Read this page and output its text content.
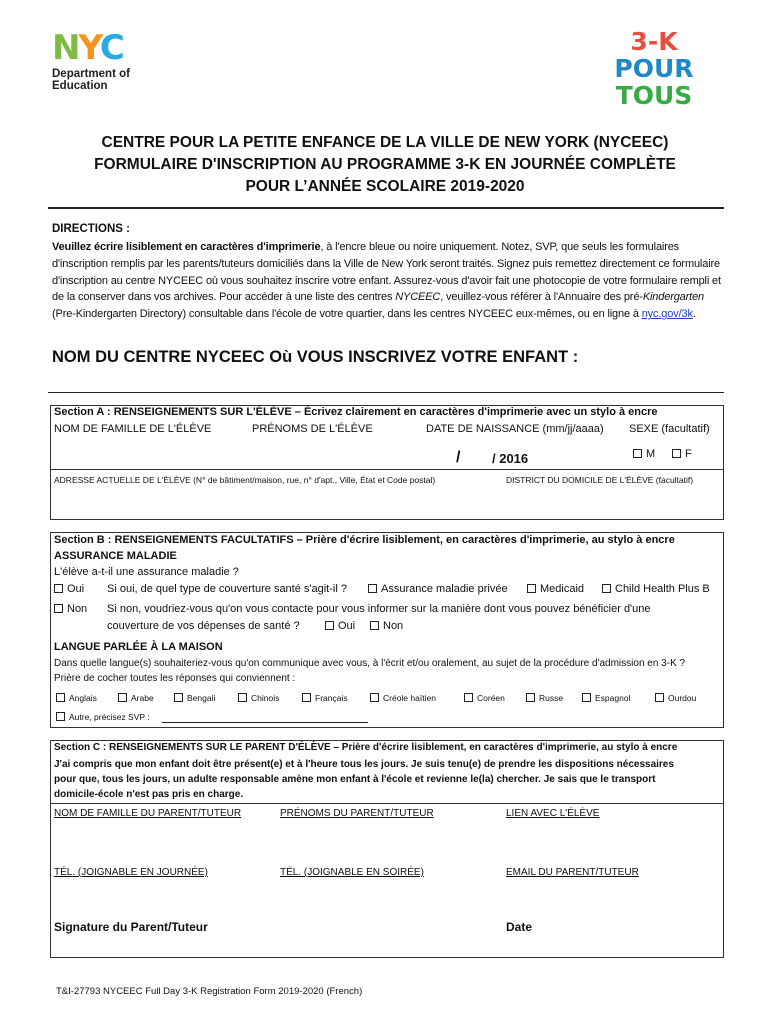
NYC
Department of
Education
3-K
POUR
TOUS
CENTRE POUR LA PETITE ENFANCE DE LA VILLE DE NEW YORK (NYCEEC)
FORMULAIRE D'INSCRIPTION AU PROGRAMME 3-K EN JOURNÉE COMPLÈTE
POUR L’ANNÉE SCOLAIRE 2019-2020
DIRECTIONS :
Veuillez écrire lisiblement en caractères d'imprimerie, à l'encre bleue ou noire uniquement. Notez, SVP, que seuls les formulaires d'inscription remplis par les parents/tuteurs domiciliés dans la Ville de New York seront traités. Signez puis remettez directement ce formulaire d'inscription au centre NYCEEC où vous souhaitez inscrire votre enfant. Assurez-vous d'avoir fait une photocopie de votre formulaire rempli et de la conserver dans vos archives. Pour accéder à une liste des centres NYCEEC, veuillez-vous référer à l'Annuaire des pré-Kindergarten (Pre-Kindergarten Directory) consultable dans l'école de votre quartier, dans les centres NYCEEC eux-mêmes, ou en ligne à nyc.gov/3k.
NOM DU CENTRE NYCEEC Où VOUS INSCRIVEZ VOTRE ENFANT :
Section A : RENSEIGNEMENTS SUR L'ÉLÈVE – Écrivez clairement en caractères d'imprimerie avec un stylo à encre
NOM DE FAMILLE DE L'ÉLÈVE	PRÉNOMS DE L'ÉLÈVE	DATE DE NAISSANCE (mm/jj/aaaa) SEXE (facultatif)
/ / 2016	M	F
ADRESSE ACTUELLE DE L'ÉLÈVE (N° de bâtiment/maison, rue, n° d'apt., Ville, État et Code postal)	DISTRICT DU DOMICILE DE L'ÉLÈVE (facultatif)
Section B : RENSEIGNEMENTS FACULTATIFS – Prière d'écrire lisiblement, en caractères d'imprimerie, au stylo à encre
ASSURANCE MALADIE
L'élève a-t-il une assurance maladie ?
Oui Si oui, de quel type de couverture santé s'agit-il ?	Assurance maladie privée	Medicaid	Child Health Plus B
Non Si non, voudriez-vous qu'on vous contacte pour vous informer sur la manière dont vous pouvez bénéficier d'une
couverture de vos dépenses de santé ?	Oui	Non
LANGUE PARLÉE À LA MAISON
Dans quelle langue(s) souhaiteriez-vous qu'on communique avec vous, à l'écrit et/ou oralement, au sujet de la procédure d'admission en 3-K ?
Prière de cocher toutes les réponses qui conviennent :
Anglais	Arabe	Bengali	Chinois	Français	Créole haïtien	Coréen	Russe	Espagnol	Ourdou
Autre, précisez SVP :
Section C : RENSEIGNEMENTS SUR LE PARENT D'ÉLÈVE – Prière d'écrire lisiblement, en caractères d'imprimerie, au stylo à encre
J'ai compris que mon enfant doit être présent(e) et à l'heure tous les jours. Je suis tenu(e) de prendre les dispositions nécessaires
pour que, tous les jours, un adulte responsable amène mon enfant à l'école et revienne le(la) chercher. Je sais que le transport
domicile-école n'est pas pris en charge.
NOM DE FAMILLE DU PARENT/TUTEUR	PRÉNOMS DU PARENT/TUTEUR	LIEN AVEC L'ÉLÈVE
TÉL. (JOIGNABLE EN JOURNÉE)	TÉL. (JOIGNABLE EN SOIRÉE)	EMAIL DU PARENT/TUTEUR
Signature du Parent/Tuteur	Date
T&I-27793 NYCEEC Full Day 3-K Registration Form 2019-2020 (French)
